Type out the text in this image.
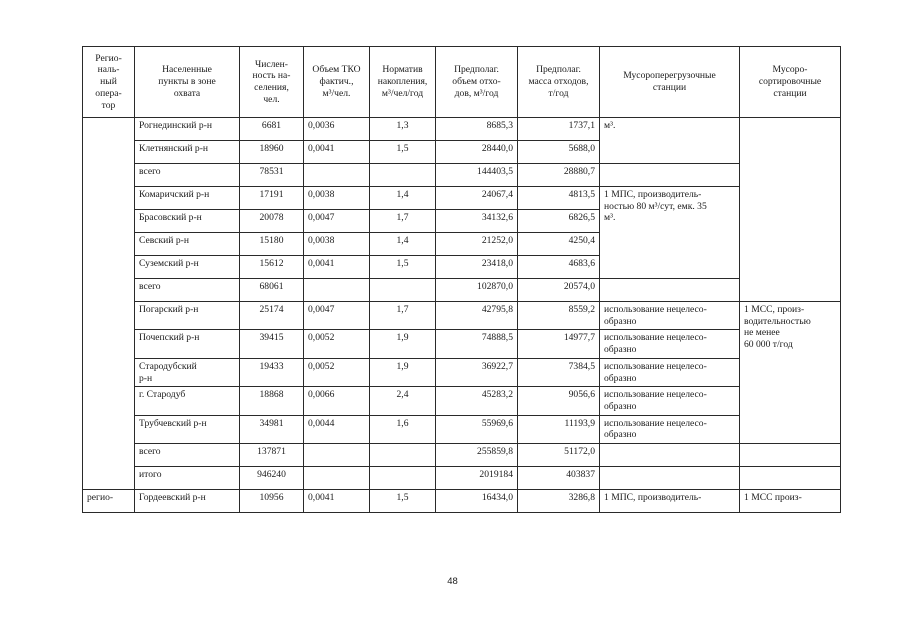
Регио-
наль-
ный
опера-
тор	Населенные
пункты в зоне
охвата	Числен-
ность на-
селения,
чел.	Объем ТКО
фактич.,
м³/чел.	Норматив
накопления,
м³/чел/год	Предполаг.
объем отхо-
дов, м³/год	Предполаг.
масса отходов,
т/год	Мусороперегрузочные
станции	Мусоро-
сортировочные
станции
	Рогнединский р-н	6681	0,0036	1,3	8685,3	1737,1	м³.	
	Клетнянский р-н	18960	0,0041	1,5	28440,0	5688,0		
	всего	78531			144403,5	28880,7		
	Комаричский р-н	17191	0,0038	1,4	24067,4	4813,5	1 МПС, производитель-
ностью 80 м³/сут, емк. 35
м³.	
	Брасовский р-н	20078	0,0047	1,7	34132,6	6826,5		
	Севский р-н	15180	0,0038	1,4	21252,0	4250,4		
	Суземский р-н	15612	0,0041	1,5	23418,0	4683,6		
	всего	68061			102870,0	20574,0		
	Погарский р-н	25174	0,0047	1,7	42795,8	8559,2	использование нецелесо-
образно	1 МСС, произ-
водительностью
не менее
60 000 т/год
	Почепский р-н	39415	0,0052	1,9	74888,5	14977,7	использование нецелесо-
образно	
	Стародубский
р-н	19433	0,0052	1,9	36922,7	7384,5	использование нецелесо-
образно	
	г. Стародуб	18868	0,0066	2,4	45283,2	9056,6	использование нецелесо-
образно	
	Трубчевский р-н	34981	0,0044	1,6	55969,6	11193,9	использование нецелесо-
образно	
	всего	137871			255859,8	51172,0		
	итого	946240			2019184	403837		
регио-	Гордеевский р-н	10956	0,0041	1,5	16434,0	3286,8	1 МПС, производитель-	1 МСС произ-
48
